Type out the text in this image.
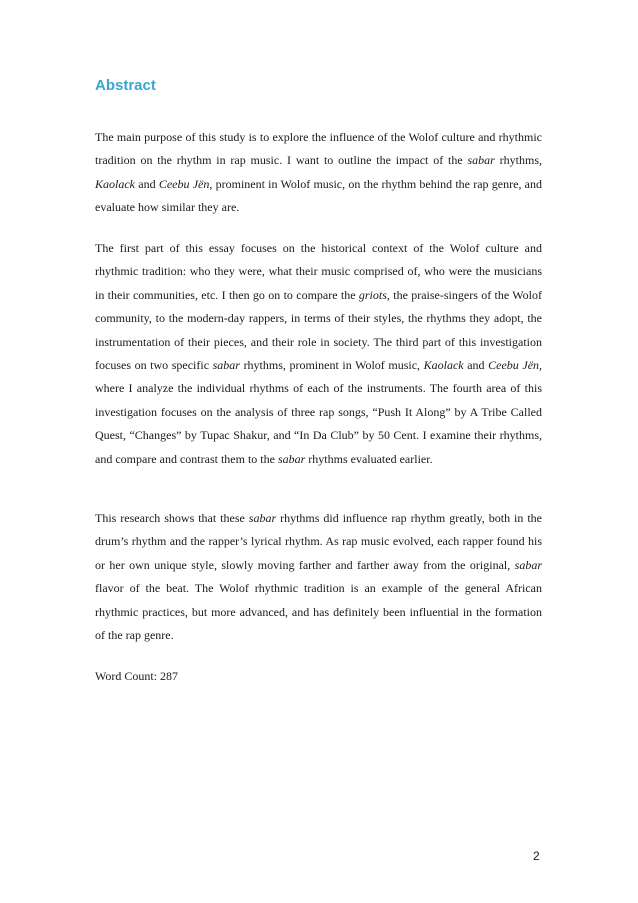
Abstract

The main purpose of this study is to explore the influence of the Wolof culture and rhythmic tradition on the rhythm in rap music. I want to outline the impact of the sabar rhythms, Kaolack and Ceebu Jën, prominent in Wolof music, on the rhythm behind the rap genre, and evaluate how similar they are.

The first part of this essay focuses on the historical context of the Wolof culture and rhythmic tradition: who they were, what their music comprised of, who were the musicians in their communities, etc. I then go on to compare the griots, the praise-singers of the Wolof community, to the modern-day rappers, in terms of their styles, the rhythms they adopt, the instrumentation of their pieces, and their role in society. The third part of this investigation focuses on two specific sabar rhythms, prominent in Wolof music, Kaolack and Ceebu Jën, where I analyze the individual rhythms of each of the instruments. The fourth area of this investigation focuses on the analysis of three rap songs, “Push It Along” by A Tribe Called Quest, “Changes” by Tupac Shakur, and “In Da Club” by 50 Cent. I examine their rhythms, and compare and contrast them to the sabar rhythms evaluated earlier.

This research shows that these sabar rhythms did influence rap rhythm greatly, both in the drum’s rhythm and the rapper’s lyrical rhythm. As rap music evolved, each rapper found his or her own unique style, slowly moving farther and farther away from the original, sabar flavor of the beat. The Wolof rhythmic tradition is an example of the general African rhythmic practices, but more advanced, and has definitely been influential in the formation of the rap genre.

Word Count: 287

2
